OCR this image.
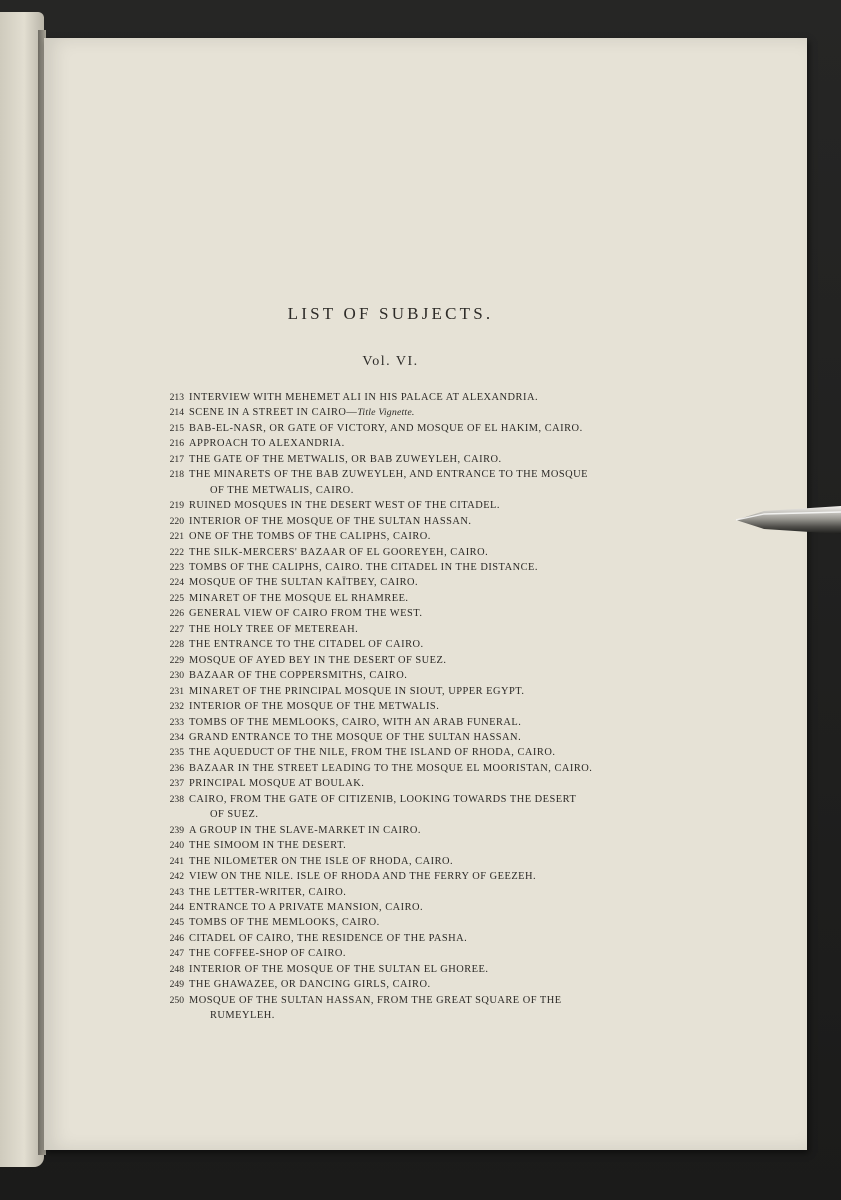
LIST OF SUBJECTS.
Vol. VI.
213 INTERVIEW WITH MEHEMET ALI IN HIS PALACE AT ALEXANDRIA.
214 SCENE IN A STREET IN CAIRO—Title Vignette.
215 BAB-EL-NASR, OR GATE OF VICTORY, AND MOSQUE OF EL HAKIM, CAIRO.
216 APPROACH TO ALEXANDRIA.
217 THE GATE OF THE METWALIS, OR BAB ZUWEYLEH, CAIRO.
218 THE MINARETS OF THE BAB ZUWEYLEH, AND ENTRANCE TO THE MOSQUE
OF THE METWALIS, CAIRO.
219 RUINED MOSQUES IN THE DESERT WEST OF THE CITADEL.
220 INTERIOR OF THE MOSQUE OF THE SULTAN HASSAN.
221 ONE OF THE TOMBS OF THE CALIPHS, CAIRO.
222 THE SILK-MERCERS' BAZAAR OF EL GOOREYEH, CAIRO.
223 TOMBS OF THE CALIPHS, CAIRO. THE CITADEL IN THE DISTANCE.
224 MOSQUE OF THE SULTAN KAÏTBEY, CAIRO.
225 MINARET OF THE MOSQUE EL RHAMREE.
226 GENERAL VIEW OF CAIRO FROM THE WEST.
227 THE HOLY TREE OF METEREAH.
228 THE ENTRANCE TO THE CITADEL OF CAIRO.
229 MOSQUE OF AYED BEY IN THE DESERT OF SUEZ.
230 BAZAAR OF THE COPPERSMITHS, CAIRO.
231 MINARET OF THE PRINCIPAL MOSQUE IN SIOUT, UPPER EGYPT.
232 INTERIOR OF THE MOSQUE OF THE METWALIS.
233 TOMBS OF THE MEMLOOKS, CAIRO, WITH AN ARAB FUNERAL.
234 GRAND ENTRANCE TO THE MOSQUE OF THE SULTAN HASSAN.
235 THE AQUEDUCT OF THE NILE, FROM THE ISLAND OF RHODA, CAIRO.
236 BAZAAR IN THE STREET LEADING TO THE MOSQUE EL MOORISTAN, CAIRO.
237 PRINCIPAL MOSQUE AT BOULAK.
238 CAIRO, FROM THE GATE OF CITIZENIB, LOOKING TOWARDS THE DESERT
OF SUEZ.
239 A GROUP IN THE SLAVE-MARKET IN CAIRO.
240 THE SIMOOM IN THE DESERT.
241 THE NILOMETER ON THE ISLE OF RHODA, CAIRO.
242 VIEW ON THE NILE. ISLE OF RHODA AND THE FERRY OF GEEZEH.
243 THE LETTER-WRITER, CAIRO.
244 ENTRANCE TO A PRIVATE MANSION, CAIRO.
245 TOMBS OF THE MEMLOOKS, CAIRO.
246 CITADEL OF CAIRO, THE RESIDENCE OF THE PASHA.
247 THE COFFEE-SHOP OF CAIRO.
248 INTERIOR OF THE MOSQUE OF THE SULTAN EL GHOREE.
249 THE GHAWAZEE, OR DANCING GIRLS, CAIRO.
250 MOSQUE OF THE SULTAN HASSAN, FROM THE GREAT SQUARE OF THE
RUMEYLEH.
